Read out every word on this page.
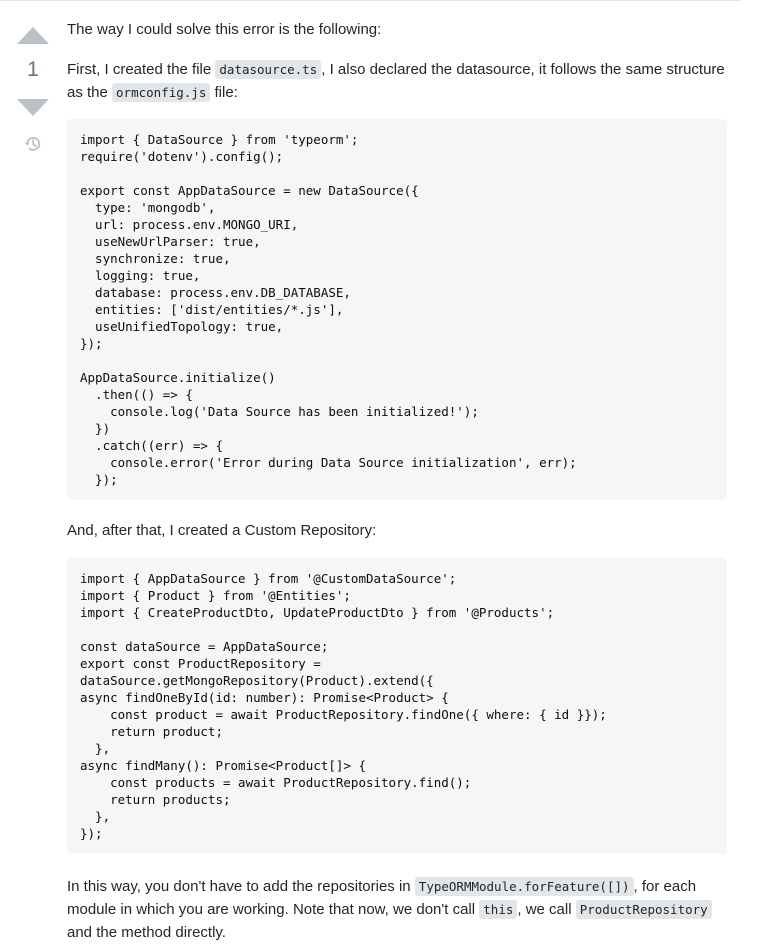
1

The way I could solve this error is the following:

First, I created the file datasource.ts , I also declared the datasource, it follows the same structure as the ormconfig.js file:

import { DataSource } from 'typeorm';
require('dotenv').config();

export const AppDataSource = new DataSource({
type: 'mongodb',
url: process.env.MONGO_URI,
useNewUrlParser: true,
synchronize: true,
logging: true,
database: process.env.DB_DATABASE,
entities: ['dist/entities/*.js'],
useUnifiedTopology: true,
});

AppDataSource.initialize()
.then(() => {
console.log('Data Source has been initialized!');
})
.catch((err) => {
console.error('Error during Data Source initialization', err);
});

And, after that, I created a Custom Repository:

import { AppDataSource } from '@CustomDataSource';
import { Product } from '@Entities';
import { CreateProductDto, UpdateProductDto } from '@Products';

const dataSource = AppDataSource;
export const ProductRepository =
dataSource.getMongoRepository(Product).extend({
async findOneById(id: number): Promise<Product> {
const product = await ProductRepository.findOne({ where: { id }});
return product;
},
async findMany(): Promise<Product[]> {
const products = await ProductRepository.find();
return products;
},
});

In this way, you don't have to add the repositories in TypeORMModule.forFeature([]) , for each module in which you are working. Note that now, we don't call this , we call ProductRepository and the method directly.
